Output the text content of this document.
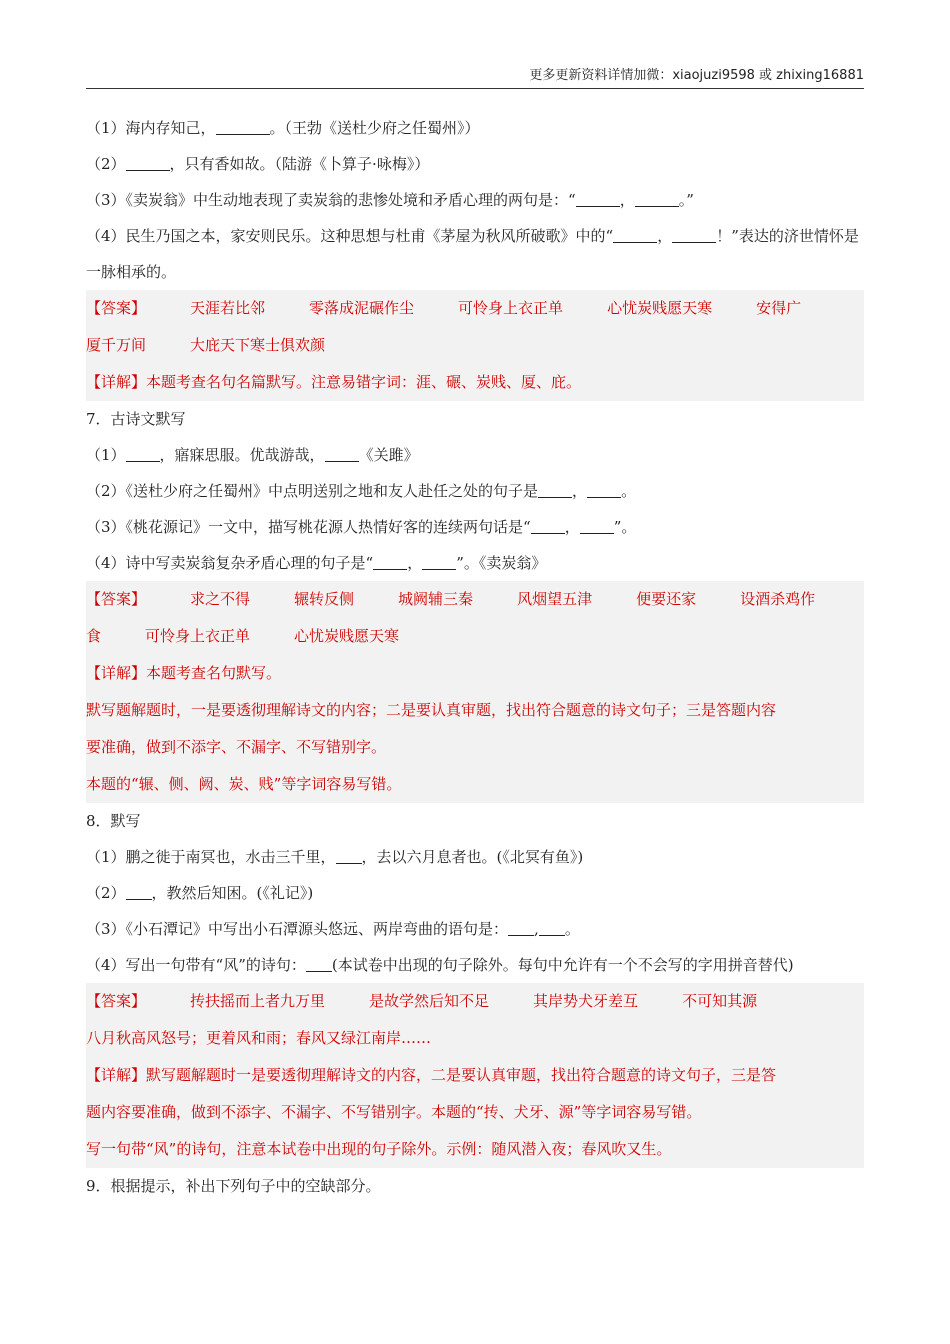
更多更新资料详情加微：xiaojuzi9598 或 zhixing16881
（1）海内存知己，	。（王勃《送杜少府之任蜀州》）
（2）	，只有香如故。（陆游《卜算子·咏梅》）
（3）《卖炭翁》中生动地表现了卖炭翁的悲惨处境和矛盾心理的两句是：“	，	。”
（4）民生乃国之本，家安则民乐。这种思想与杜甫《茅屋为秋风所破歌》中的“	，	！”表达的济世情怀是一脉相承的。
【答案】	天涯若比邻	零落成泥碾作尘	可怜身上衣正单	心忧炭贱愿天寒	安得广
厦千万间	大庇天下寒士俱欢颜
【详解】本题考查名句名篇默写。注意易错字词：涯、碾、炭贱、厦、庇。
7．古诗文默写
（1） ，寤寐思服。优哉游哉， 《关雎》
（2）《送杜少府之任蜀州》中点明送别之地和友人赴任之处的句子是 ， 。
（3）《桃花源记》一文中，描写桃花源人热情好客的连续两句话是“ ， ”。
（4）诗中写卖炭翁复杂矛盾心理的句子是“ ， ”。《卖炭翁》
【答案】	求之不得	辗转反侧	城阙辅三秦	风烟望五津	便要还家	设酒杀鸡作
食	可怜身上衣正单	心忧炭贱愿天寒
【详解】本题考查名句默写。
默写题解题时，一是要透彻理解诗文的内容；二是要认真审题，找出符合题意的诗文句子；三是答题内容
要准确，做到不添字、不漏字、不写错别字。
本题的“辗、侧、阙、炭、贱”等字词容易写错。
8．默写
（1）鹏之徙于南冥也，水击三千里， ，去以六月息者也。(《北冥有鱼》)
（2） ，教然后知困。(《礼记》)
（3）《小石潭记》中写出小石潭源头悠远、两岸弯曲的语句是： , 。
（4）写出一句带有“风”的诗句： (本试卷中出现的句子除外。每句中允许有一个不会写的字用拼音替代)
【答案】	抟扶摇而上者九万里	是故学然后知不足	其岸势犬牙差互	不可知其源
八月秋高风怒号；更着风和雨；春风又绿江南岸……
【详解】默写题解题时一是要透彻理解诗文的内容，二是要认真审题，找出符合题意的诗文句子，三是答
题内容要准确，做到不添字、不漏字、不写错别字。本题的“抟、犬牙、源”等字词容易写错。
写一句带“风”的诗句，注意本试卷中出现的句子除外。示例：随风潜入夜；春风吹又生。
9．根据提示，补出下列句子中的空缺部分。
